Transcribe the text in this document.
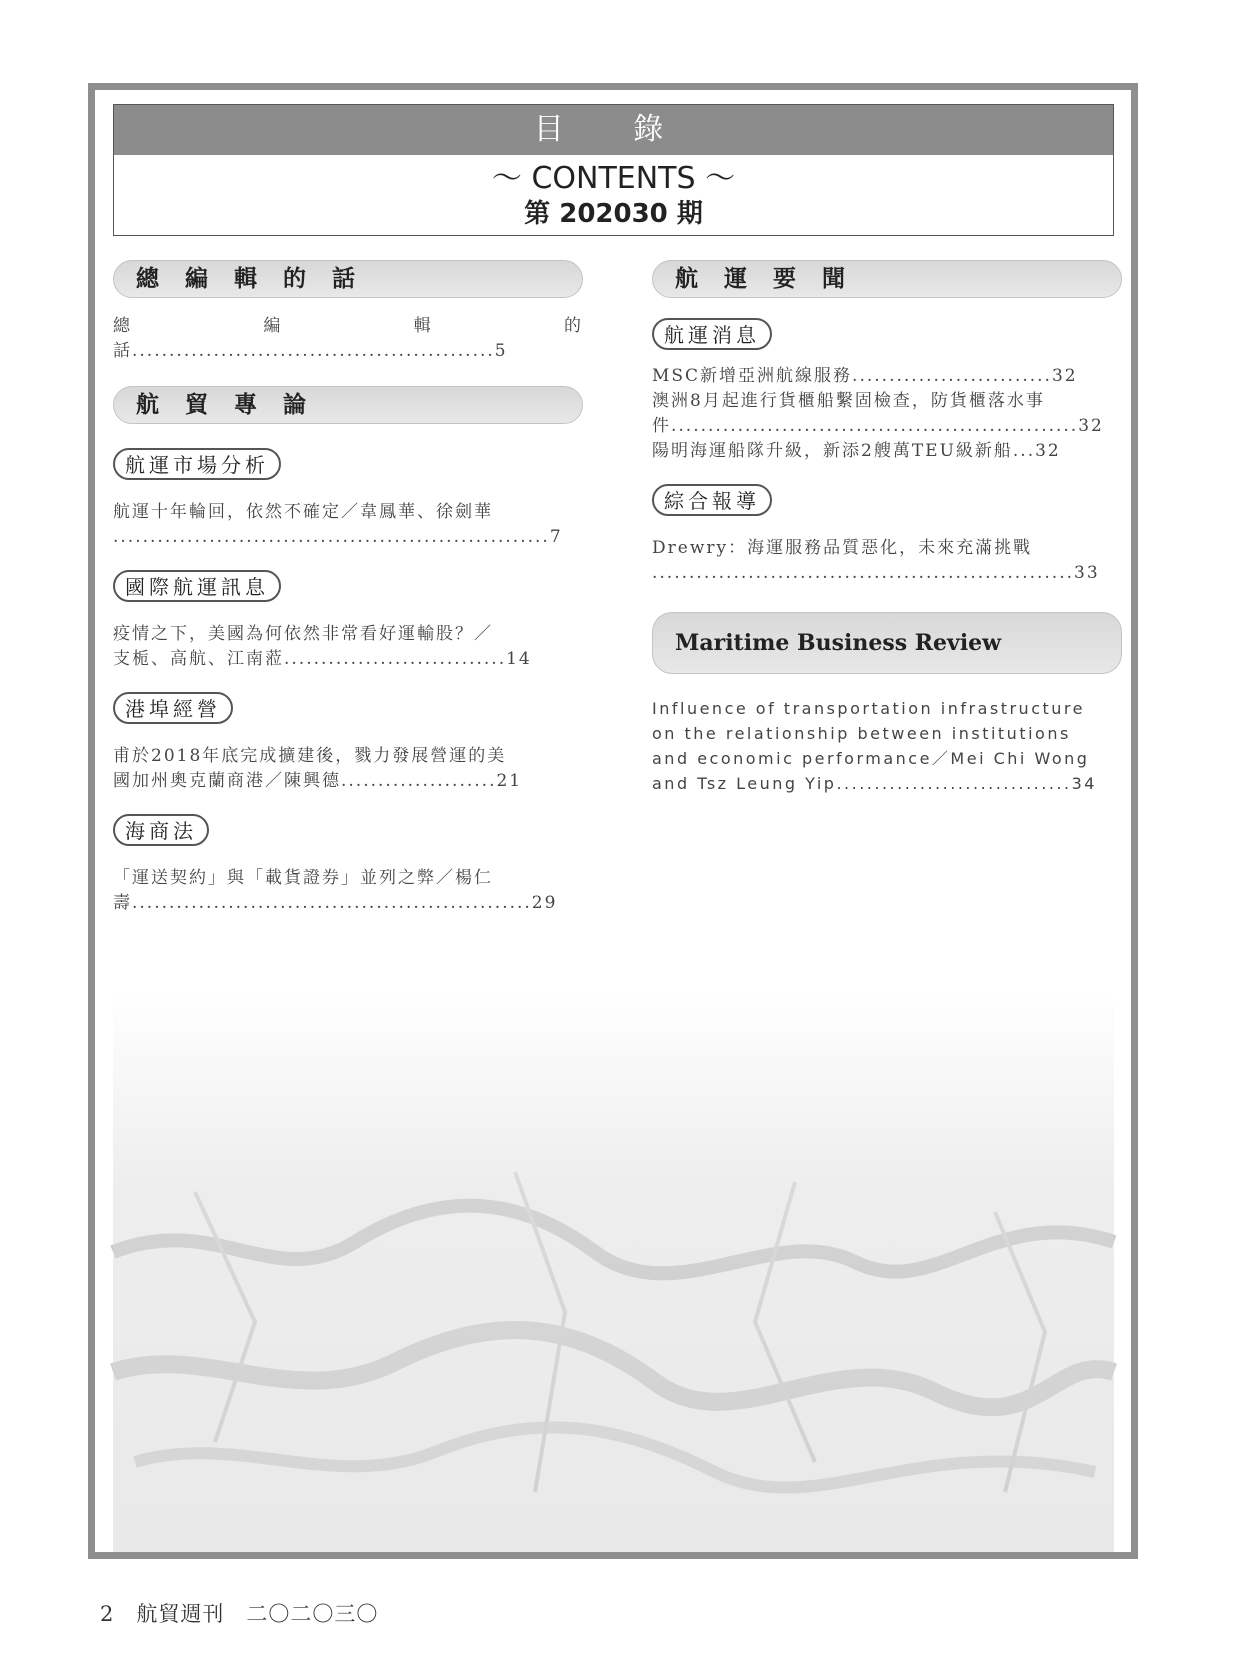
目 錄
～ CONTENTS ～
第 202030 期
總 編 輯 的 話
總編輯的話.................................................5
航 貿 專 論
航運市場分析
航運十年輪回，依然不確定／韋鳳華、徐劍華
...........................................................7
國際航運訊息
疫情之下，美國為何依然非常看好運輸股？／
支栀、高航、江南蒞..............................14
港埠經營
甫於2018年底完成擴建後，戮力發展營運的美
國加州奧克蘭商港／陳興德.....................21
海商法
「運送契約」與「載貨證券」並列之弊／楊仁
壽......................................................29
航 運 要 聞
航運消息
MSC新增亞洲航線服務...........................32
澳洲8月起進行貨櫃船繫固檢查，防貨櫃落水事
件.......................................................32
陽明海運船隊升級，新添2艘萬TEU級新船...32
綜合報導
Drewry：海運服務品質惡化，未來充滿挑戰
.........................................................33
Maritime Business Review
Influence of transportation infrastructure
on the relationship between institutions
and economic performance／Mei Chi Wong
and Tsz Leung Yip...............................34
2　航貿週刊　二〇二〇三〇
